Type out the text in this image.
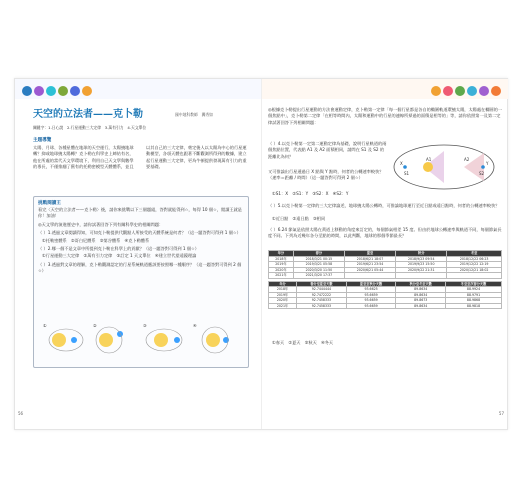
天空的立法者——克卜勒	國中地科教師　龔秀如
關鍵字：1.日心說　2.行星運動三大定律　3.萬有引力　4.天文單位
主題導覽
太陽、月球、各種星體在地球的天空運行，太陽繞地球轉？抑或地球繞太陽轉？克卜勒在科學史上締結有名，他在所處的當代天文學環境下，利用自己天文學與數學的專長，不僅推翻了舊有的托勒密模型天體體系，並且以其自己的三大定律，奠定後人以太陽為中心的行星運動模型，各項天體也跟著不斷觀測所得到的數據，建立起行星運動三大定律，更為牛頓提供發現萬有引力的重要基礎。
挑戰閱讀王
看完〈天空的立法者——克卜勒〉後，請你來挑戰以下三個題組，答對就能得到☆，每得 10 個☆，閱讀王就是你！加油！
◎天文學的演進歷史中，請你試著回答下列有關科學史的相關問題：
（ ）1.透過文章閱讀得知，可知克卜勒提供代觀點人所接受的天體系統是何者？（這一題答對可得到 1 個☆）
①托勒密體系　②哥白尼體系　③第谷體系　④克卜勒體系
（ ）2.哪一個不是文章中所提到克卜勒在科學上的貢獻？（這一題答對可得到 1 個☆）
①行星運動三大定律　②萬有引力定律　③訂定 1 天文單位　④建立世代望遠鏡理論
（ ）3.透過對文章的理解，克卜勒觀測認定的行星系統軌道應該要按照哪一種順序？（這一題答對可得到 2 個☆）
①	②	③	④
56
◎根據克卜勒提出行星運動的方法會運動定律，克卜勒第一定律「每一個行星都是各自的橢圓軌道環繞太陽，太陽處在橢圓的一個焦點中」，克卜勒第二定律「在相等時間內，太陽和運動中的行星的連線所掃過的面積是相等的」等，請你依照第一及第二定律試著回答下列相關問題：
（ ）4.以克卜勒第一定第二運動定律為基礎，說明行星軌道的兩個焦點位置，代表點 A1 及 A2 面積相同，請問在 S1 及 S2 的距離比為何？
又可推論出行星通過日 X 點與 Y 點時，何者的公轉速率較快？（速率＝距離 / 時間）（這一題答對可得到 2 個☆）
①S1：X　②S1：Y　③S2：X　④S2：Y
A1	A2
S1	S2
X	Y
（ ）5.以克卜勒第一定律的三大定律論述，地球繞太陽公轉時，可推論地球運行至近日點或遠日點時，何者的公轉速率較快？
①近日點　②遠日點　③相同
（ ）6.24 節氣是依照太陽在黃道上移動的角度來訂定的，每個節氣相差 15 度。但由於地球公轉速率與軌道不同，每個節氣長度不同。下列為近幾年各分至點的時間，以此判斷，地球的那個季節最長？
年分	春分	夏至	秋分	冬至
2018年	2018/3/21 00:15	2018/6/21 18:07	2018/9/23 09:54	2018/12/22 06:23
2019年	2019/3/21 05:58	2019/6/21 23:54	2019/9/23 15:50	2019/12/22 12:19
2020年	2020/3/20 11:50	2020/6/21 05:44	2020/9/22 21:31	2020/12/21 18:02
2021年	2021/3/20 17:37			
年分	春分至夏至天數	夏至至秋分天數	秋分至冬至天數	冬至至次春分天數
2018年	92.7444444	93.6625	89.8634	88.9924
2019年	92.7472222	93.6659	89.8634	88.9791
2020年	92.7458333	93.6659	89.8673	88.9868
2021年	92.7458333	93.6659	89.8634	88.9818
①春天　②夏天　③秋天　④冬天
57
